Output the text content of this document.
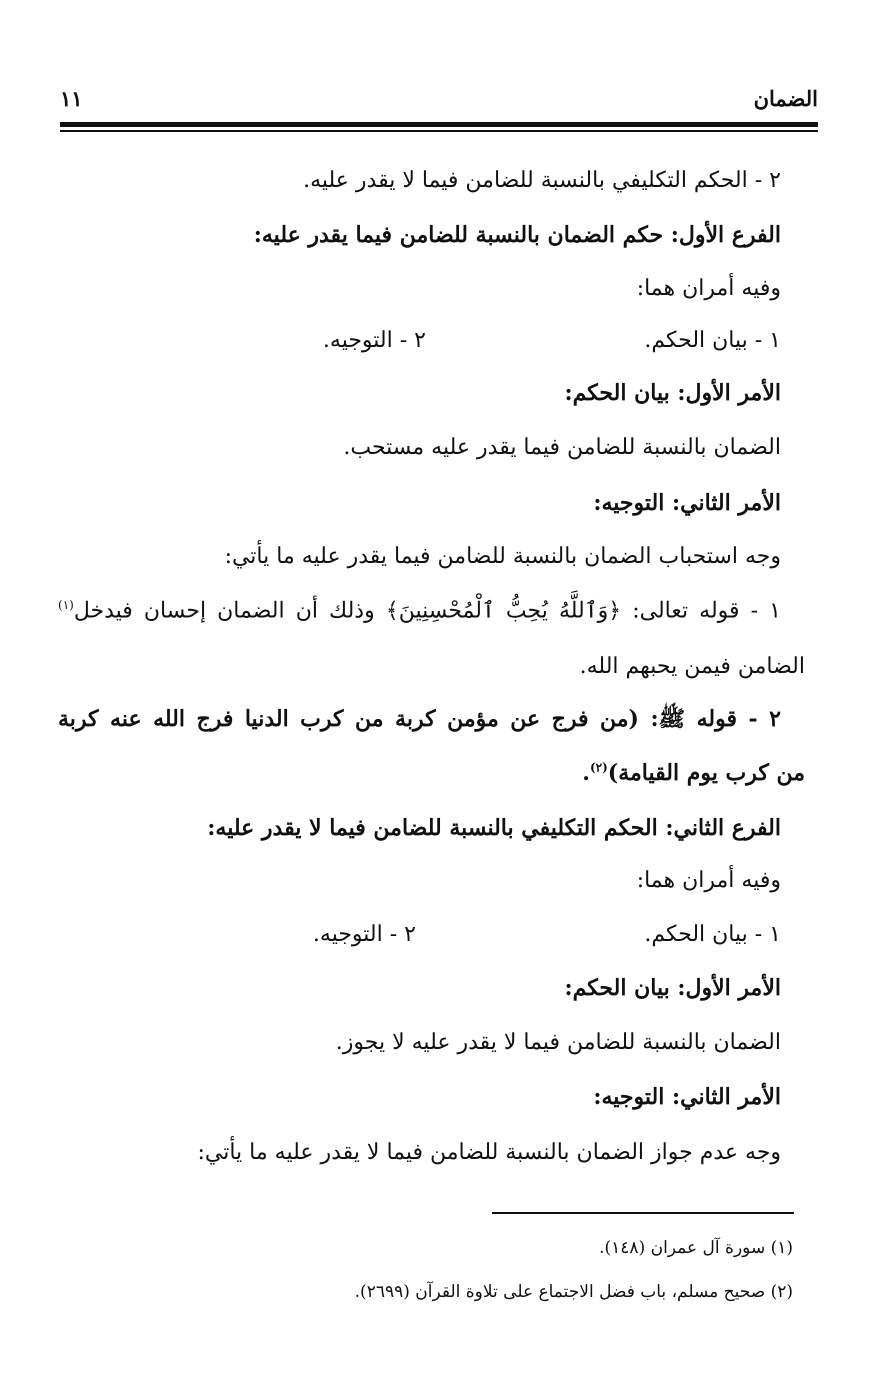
الضمان
١١
٢ - الحكم التكليفي بالنسبة للضامن فيما لا يقدر عليه.
الفرع الأول: حكم الضمان بالنسبة للضامن فيما يقدر عليه:
وفيه أمران هما:
١ - بيان الحكم.
٢ - التوجيه.
الأمر الأول: بيان الحكم:
الضمان بالنسبة للضامن فيما يقدر عليه مستحب.
الأمر الثاني: التوجيه:
وجه استحباب الضمان بالنسبة للضامن فيما يقدر عليه ما يأتي:
١ - قوله تعالى: ﴿وَٱللَّهُ يُحِبُّ ٱلْمُحْسِنِينَ﴾ وذلك أن الضمان إحسان فيدخل$^{(١)}$
الضامن فيمن يحبهم الله.
٢ - قوله ﷺ: (من فرج عن مؤمن كربة من كرب الدنيا فرج الله عنه كربة
من كرب يوم القيامة)$^{(٢)}$.
الفرع الثاني: الحكم التكليفي بالنسبة للضامن فيما لا يقدر عليه:
وفيه أمران هما:
١ - بيان الحكم.
٢ - التوجيه.
الأمر الأول: بيان الحكم:
الضمان بالنسبة للضامن فيما لا يقدر عليه لا يجوز.
الأمر الثاني: التوجيه:
وجه عدم جواز الضمان بالنسبة للضامن فيما لا يقدر عليه ما يأتي:
(١) سورة آل عمران (١٤٨).
(٢) صحيح مسلم، باب فضل الاجتماع على تلاوة القرآن (٢٦٩٩).
